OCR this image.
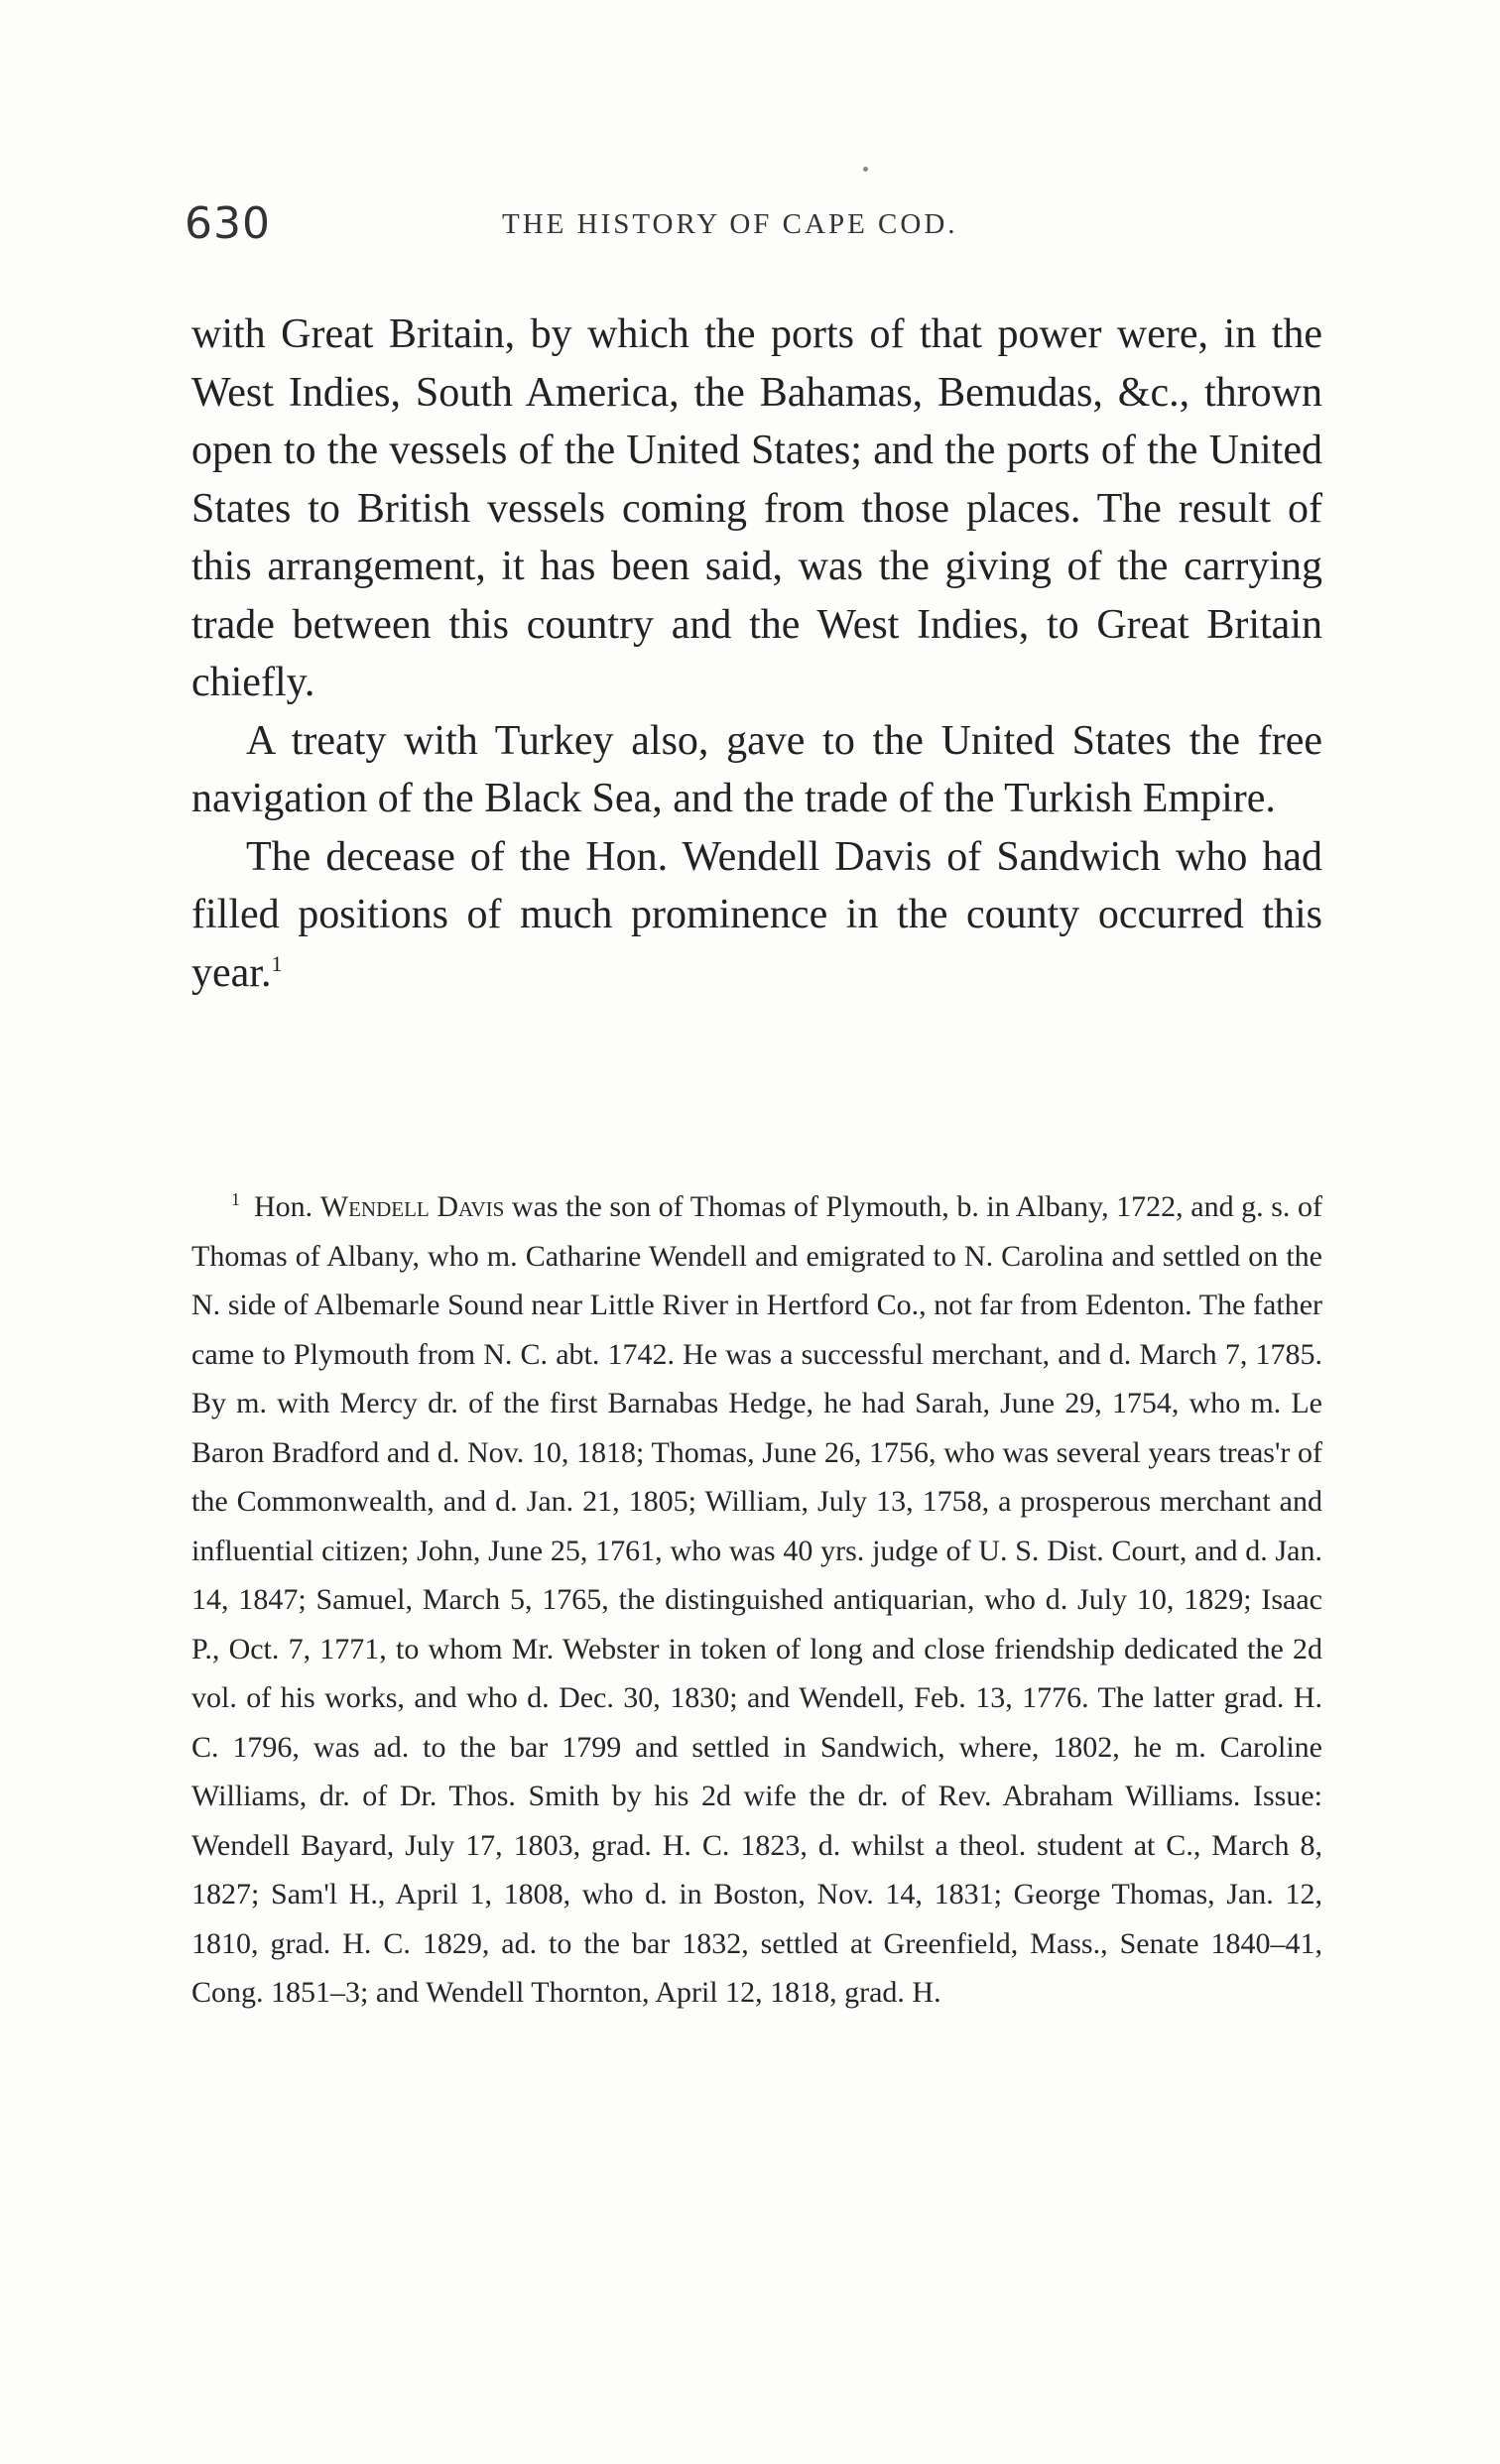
630	THE HISTORY OF CAPE COD.

with Great Britain, by which the ports of that power were, in the West Indies, South America, the Bahamas, Bemudas, &c., thrown open to the vessels of the United States; and the ports of the United States to British vessels coming from those places. The result of this arrangement, it has been said, was the giving of the carrying trade between this country and the West Indies, to Great Britain chiefly.

A treaty with Turkey also, gave to the United States the free navigation of the Black Sea, and the trade of the Turkish Empire.

The decease of the Hon. Wendell Davis of Sandwich who had filled positions of much prominence in the county occurred this year.$^1$

$^1$ Hon. Wendell Davis was the son of Thomas of Plymouth, b. in Albany, 1722, and g. s. of Thomas of Albany, who m. Catharine Wendell and emigrated to N. Carolina and settled on the N. side of Albemarle Sound near Little River in Hertford Co., not far from Edenton. The father came to Plymouth from N. C. abt. 1742. He was a successful merchant, and d. March 7, 1785. By m. with Mercy dr. of the first Barnabas Hedge, he had Sarah, June 29, 1754, who m. Le Baron Bradford and d. Nov. 10, 1818; Thomas, June 26, 1756, who was several years treas'r of the Commonwealth, and d. Jan. 21, 1805; William, July 13, 1758, a prosperous merchant and influential citizen; John, June 25, 1761, who was 40 yrs. judge of U. S. Dist. Court, and d. Jan. 14, 1847; Samuel, March 5, 1765, the distinguished antiquarian, who d. July 10, 1829; Isaac P., Oct. 7, 1771, to whom Mr. Webster in token of long and close friendship dedicated the 2d vol. of his works, and who d. Dec. 30, 1830; and Wendell, Feb. 13, 1776. The latter grad. H. C. 1796, was ad. to the bar 1799 and settled in Sandwich, where, 1802, he m. Caroline Williams, dr. of Dr. Thos. Smith by his 2d wife the dr. of Rev. Abraham Williams. Issue: Wendell Bayard, July 17, 1803, grad. H. C. 1823, d. whilst a theol. student at C., March 8, 1827; Sam'l H., April 1, 1808, who d. in Boston, Nov. 14, 1831; George Thomas, Jan. 12, 1810, grad. H. C. 1829, ad. to the bar 1832, settled at Greenfield, Mass., Senate 1840–41, Cong. 1851–3; and Wendell Thornton, April 12, 1818, grad. H.
